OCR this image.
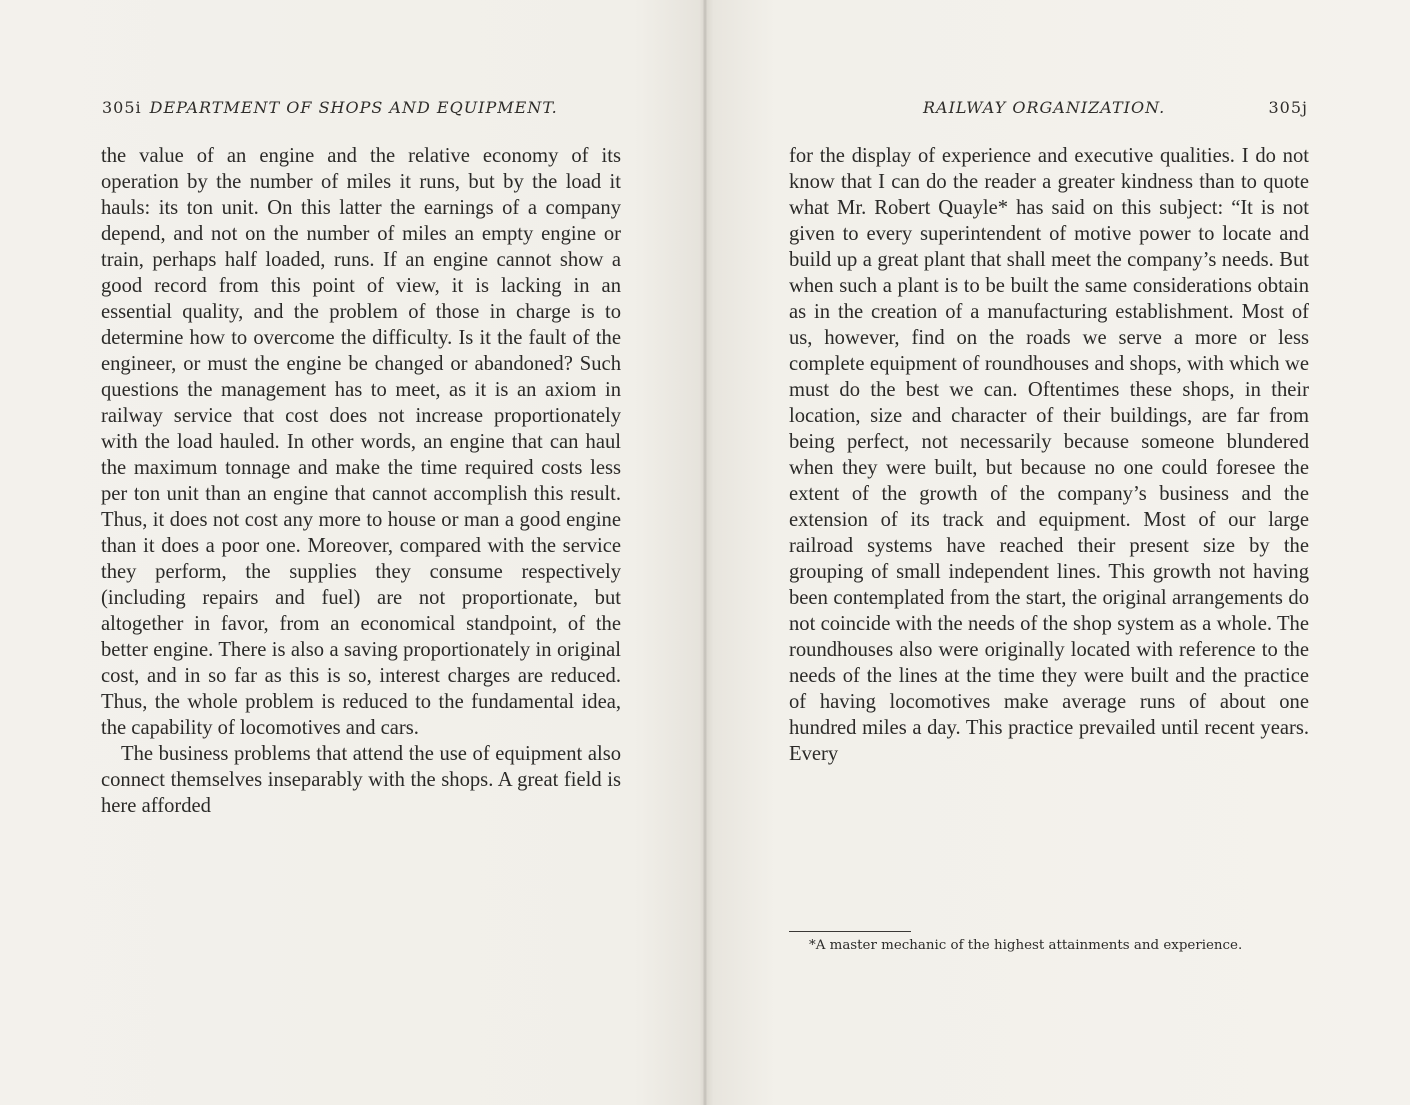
305i DEPARTMENT OF SHOPS AND EQUIPMENT.

the value of an engine and the relative economy of its operation by the number of miles it runs, but by the load it hauls: its ton unit. On this latter the earnings of a company depend, and not on the number of miles an empty engine or train, perhaps half loaded, runs. If an engine cannot show a good record from this point of view, it is lacking in an essential quality, and the problem of those in charge is to determine how to overcome the difficulty. Is it the fault of the engineer, or must the engine be changed or abandoned? Such questions the management has to meet, as it is an axiom in railway service that cost does not increase proportionately with the load hauled. In other words, an engine that can haul the maximum tonnage and make the time required costs less per ton unit than an engine that cannot accomplish this result. Thus, it does not cost any more to house or man a good engine than it does a poor one. Moreover, compared with the service they perform, the supplies they consume respectively (including repairs and fuel) are not proportionate, but altogether in favor, from an economical standpoint, of the better engine. There is also a saving proportionately in original cost, and in so far as this is so, interest charges are reduced. Thus, the whole problem is reduced to the fundamental idea, the capability of locomotives and cars.

The business problems that attend the use of equipment also connect themselves inseparably with the shops. A great field is here afforded

RAILWAY ORGANIZATION.	305j

for the display of experience and executive qualities. I do not know that I can do the reader a greater kindness than to quote what Mr. Robert Quayle* has said on this subject: “It is not given to every superintendent of motive power to locate and build up a great plant that shall meet the company’s needs. But when such a plant is to be built the same considerations obtain as in the creation of a manufacturing establishment. Most of us, however, find on the roads we serve a more or less complete equipment of roundhouses and shops, with which we must do the best we can. Oftentimes these shops, in their location, size and character of their buildings, are far from being perfect, not necessarily because someone blundered when they were built, but because no one could foresee the extent of the growth of the company’s business and the extension of its track and equipment. Most of our large railroad systems have reached their present size by the grouping of small independent lines. This growth not having been contemplated from the start, the original arrangements do not coincide with the needs of the shop system as a whole. The roundhouses also were originally located with reference to the needs of the lines at the time they were built and the practice of having locomotives make average runs of about one hundred miles a day. This practice prevailed until recent years. Every

*A master mechanic of the highest attainments and experience.
